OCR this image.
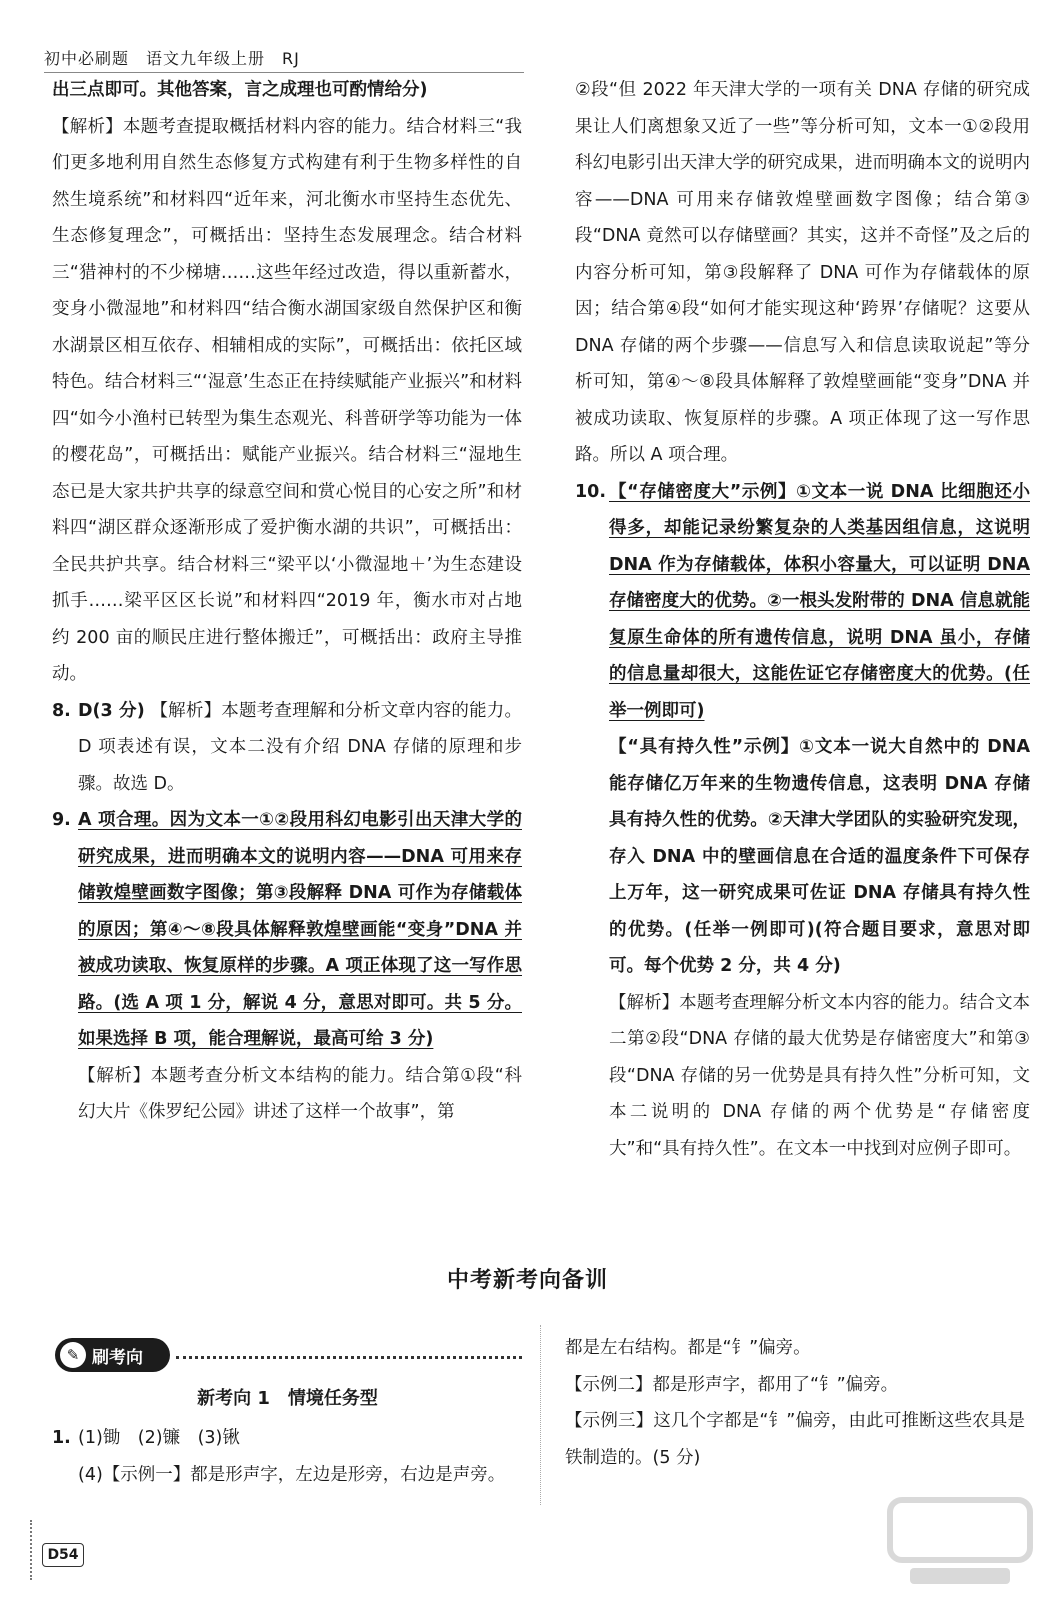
初中必刷题　语文九年级上册　RJ

出三点即可。其他答案，言之成理也可酌情给分)

【解析】本题考查提取概括材料内容的能力。结合材料三“我们更多地利用自然生态修复方式构建有利于生物多样性的自然生境系统”和材料四“近年来，河北衡水市坚持生态优先、生态修复理念”，可概括出：坚持生态发展理念。结合材料三“猎神村的不少梯塘……这些年经过改造，得以重新蓄水，变身小微湿地”和材料四“结合衡水湖国家级自然保护区和衡水湖景区相互依存、相辅相成的实际”，可概括出：依托区域特色。结合材料三“‘湿意’生态正在持续赋能产业振兴”和材料四“如今小渔村已转型为集生态观光、科普研学等功能为一体的樱花岛”，可概括出：赋能产业振兴。结合材料三“湿地生态已是大家共护共享的绿意空间和赏心悦目的心安之所”和材料四“湖区群众逐渐形成了爱护衡水湖的共识”，可概括出：全民共护共享。结合材料三“梁平以‘小微湿地＋’为生态建设抓手……梁平区区长说”和材料四“2019 年，衡水市对占地约 200 亩的顺民庄进行整体搬迁”，可概括出：政府主导推动。

8. D(3 分) 【解析】本题考查理解和分析文章内容的能力。D 项表述有误，文本二没有介绍 DNA 存储的原理和步骤。故选 D。
9. A 项合理。因为文本一①②段用科幻电影引出天津大学的研究成果，进而明确本文的说明内容——DNA 可用来存储敦煌壁画数字图像；第③段解释 DNA 可作为存储载体的原因；第④～⑧段具体解释敦煌壁画能“变身”DNA 并被成功读取、恢复原样的步骤。A 项正体现了这一写作思路。(选 A 项 1 分，解说 4 分，意思对即可。共 5 分。如果选择 B 项，能合理解说，最高可给 3 分)
【解析】本题考查分析文本结构的能力。结合第①段“科幻大片《侏罗纪公园》讲述了这样一个故事”，第

②段“但 2022 年天津大学的一项有关 DNA 存储的研究成果让人们离想象又近了一些”等分析可知，文本一①②段用科幻电影引出天津大学的研究成果，进而明确本文的说明内容——DNA 可用来存储敦煌壁画数字图像；结合第③段“DNA 竟然可以存储壁画？其实，这并不奇怪”及之后的内容分析可知，第③段解释了 DNA 可作为存储载体的原因；结合第④段“如何才能实现这种‘跨界’存储呢？这要从 DNA 存储的两个步骤——信息写入和信息读取说起”等分析可知，第④～⑧段具体解释了敦煌壁画能“变身”DNA 并被成功读取、恢复原样的步骤。A 项正体现了这一写作思路。所以 A 项合理。

10. 【“存储密度大”示例】①文本一说 DNA 比细胞还小得多，却能记录纷繁复杂的人类基因组信息，这说明 DNA 作为存储载体，体积小容量大，可以证明 DNA 存储密度大的优势。②一根头发附带的 DNA 信息就能复原生命体的所有遗传信息，说明 DNA 虽小，存储的信息量却很大，这能佐证它存储密度大的优势。(任举一例即可)
【“具有持久性”示例】①文本一说大自然中的 DNA 能存储亿万年来的生物遗传信息，这表明 DNA 存储具有持久性的优势。②天津大学团队的实验研究发现，存入 DNA 中的壁画信息在合适的温度条件下可保存上万年，这一研究成果可佐证 DNA 存储具有持久性的优势。(任举一例即可)(符合题目要求，意思对即可。每个优势 2 分，共 4 分)
【解析】本题考查理解分析文本内容的能力。结合文本二第②段“DNA 存储的最大优势是存储密度大”和第③段“DNA 存储的另一优势是具有持久性”分析可知，文本二说明的 DNA 存储的两个优势是“存储密度大”和“具有持久性”。在文本一中找到对应例子即可。
中考新考向备训
✎ 刷考向
新考向 1　情境任务型
1. (1)锄　(2)镰　(3)锹
(4)【示例一】都是形声字，左边是形旁，右边是声旁。

都是左右结构。都是“钅”偏旁。

【示例二】都是形声字，都用了“钅”偏旁。

【示例三】这几个字都是“钅”偏旁，由此可推断这些农具是铁制造的。(5 分)

D54
